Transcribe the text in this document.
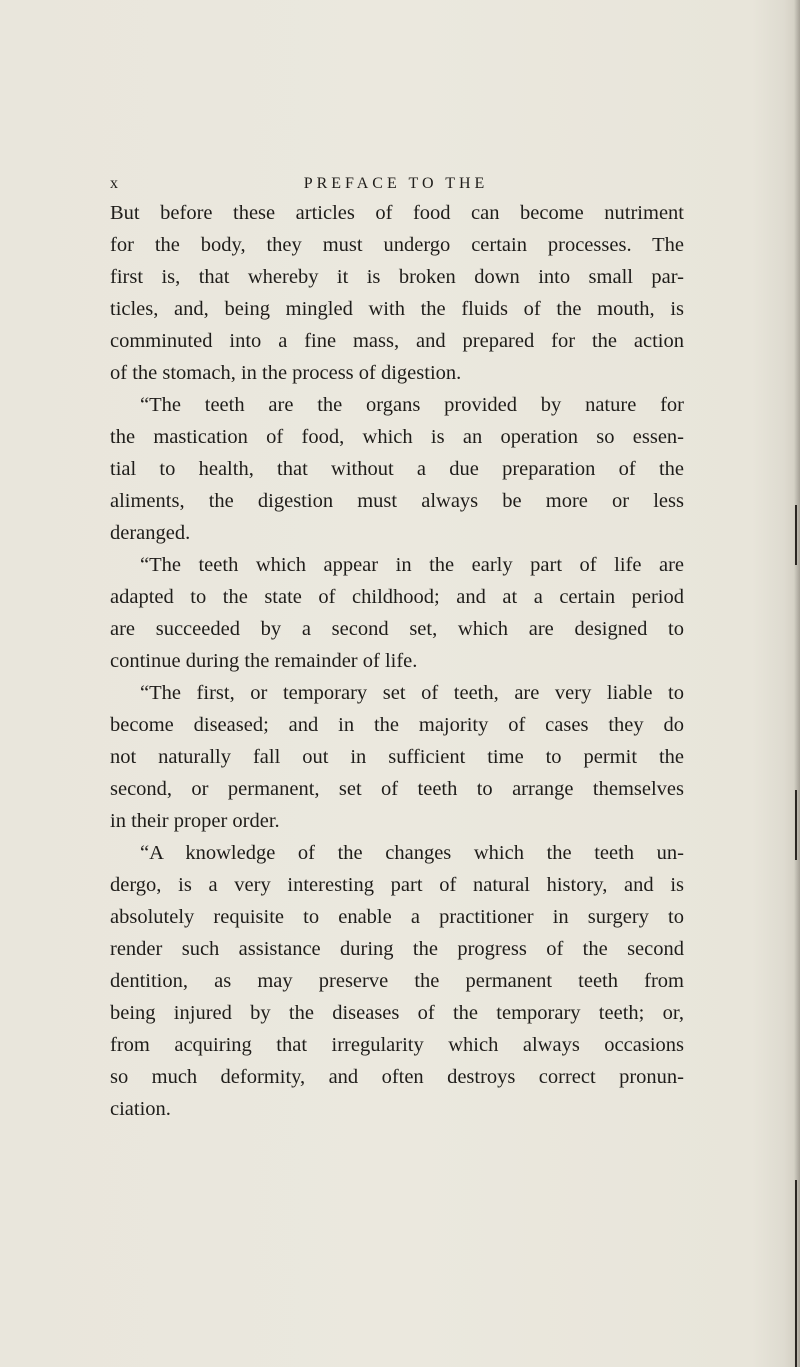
x	PREFACE TO THE
But before these articles of food can become nutriment
for the body, they must undergo certain processes. The
first is, that whereby it is broken down into small par-
ticles, and, being mingled with the fluids of the mouth, is
comminuted into a fine mass, and prepared for the action
of the stomach, in the process of digestion.
“The teeth are the organs provided by nature for
the mastication of food, which is an operation so essen-
tial to health, that without a due preparation of the
aliments, the digestion must always be more or less
deranged.
“The teeth which appear in the early part of life are
adapted to the state of childhood; and at a certain period
are succeeded by a second set, which are designed to
continue during the remainder of life.
“The first, or temporary set of teeth, are very liable to
become diseased; and in the majority of cases they do
not naturally fall out in sufficient time to permit the
second, or permanent, set of teeth to arrange themselves
in their proper order.
“A knowledge of the changes which the teeth un-
dergo, is a very interesting part of natural history, and is
absolutely requisite to enable a practitioner in surgery to
render such assistance during the progress of the second
dentition, as may preserve the permanent teeth from
being injured by the diseases of the temporary teeth; or,
from acquiring that irregularity which always occasions
so much deformity, and often destroys correct pronun-
ciation.
